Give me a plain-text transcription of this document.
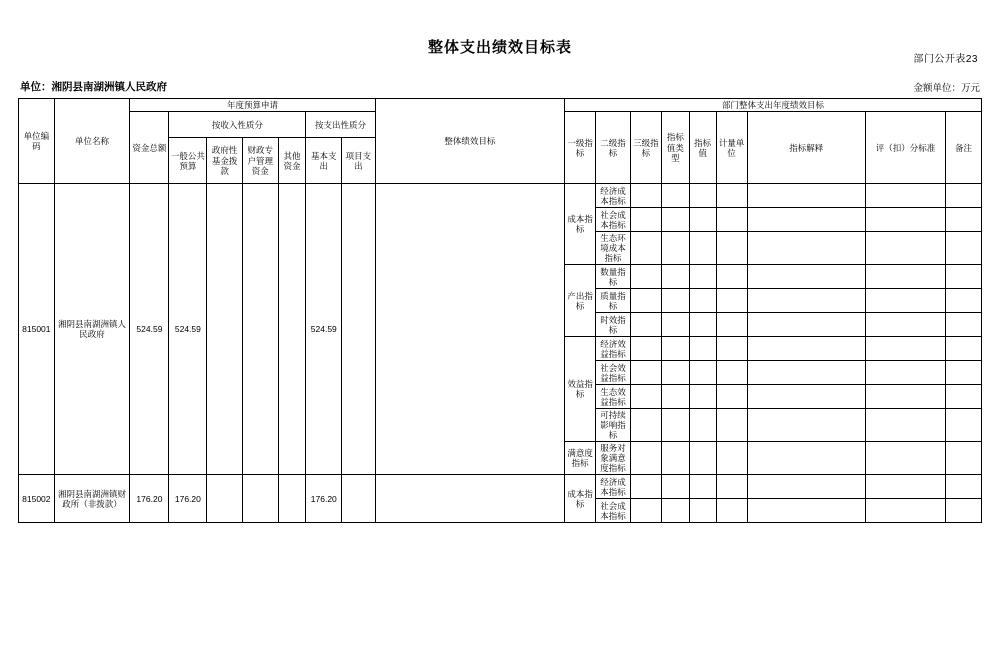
部门公开表23
整体支出绩效目标表
单位：湘阴县南湖洲镇人民政府	金额单位：万元
单位编码	单位名称	年度预算申请							整体绩效目标	部门整体支出年度绩效目标								
		资金总额	按收入性质分				按支出性质分			一级指标	二级指标	三级指标	指标值类型	指标值	计量单位	指标解释	评（扣）分标准	备注
			一般公共预算	政府性基金拨款	财政专户管理资金	其他资金	基本支出	项目支出										
815001	湘阴县南湖洲镇人民政府	524.59	524.59				524.59			成本指标	经济成本指标							
											社会成本指标							
											生态环境成本指标							
										产出指标	数量指标							
											质量指标							
											时效指标							
										效益指标	经济效益指标							
											社会效益指标							
											生态效益指标							
											可持续影响指标							
										满意度指标	服务对象满意度指标							
815002	湘阴县南湖洲镇财政所（非拨款）	176.20	176.20				176.20			成本指标	经济成本指标							
											社会成本指标							
